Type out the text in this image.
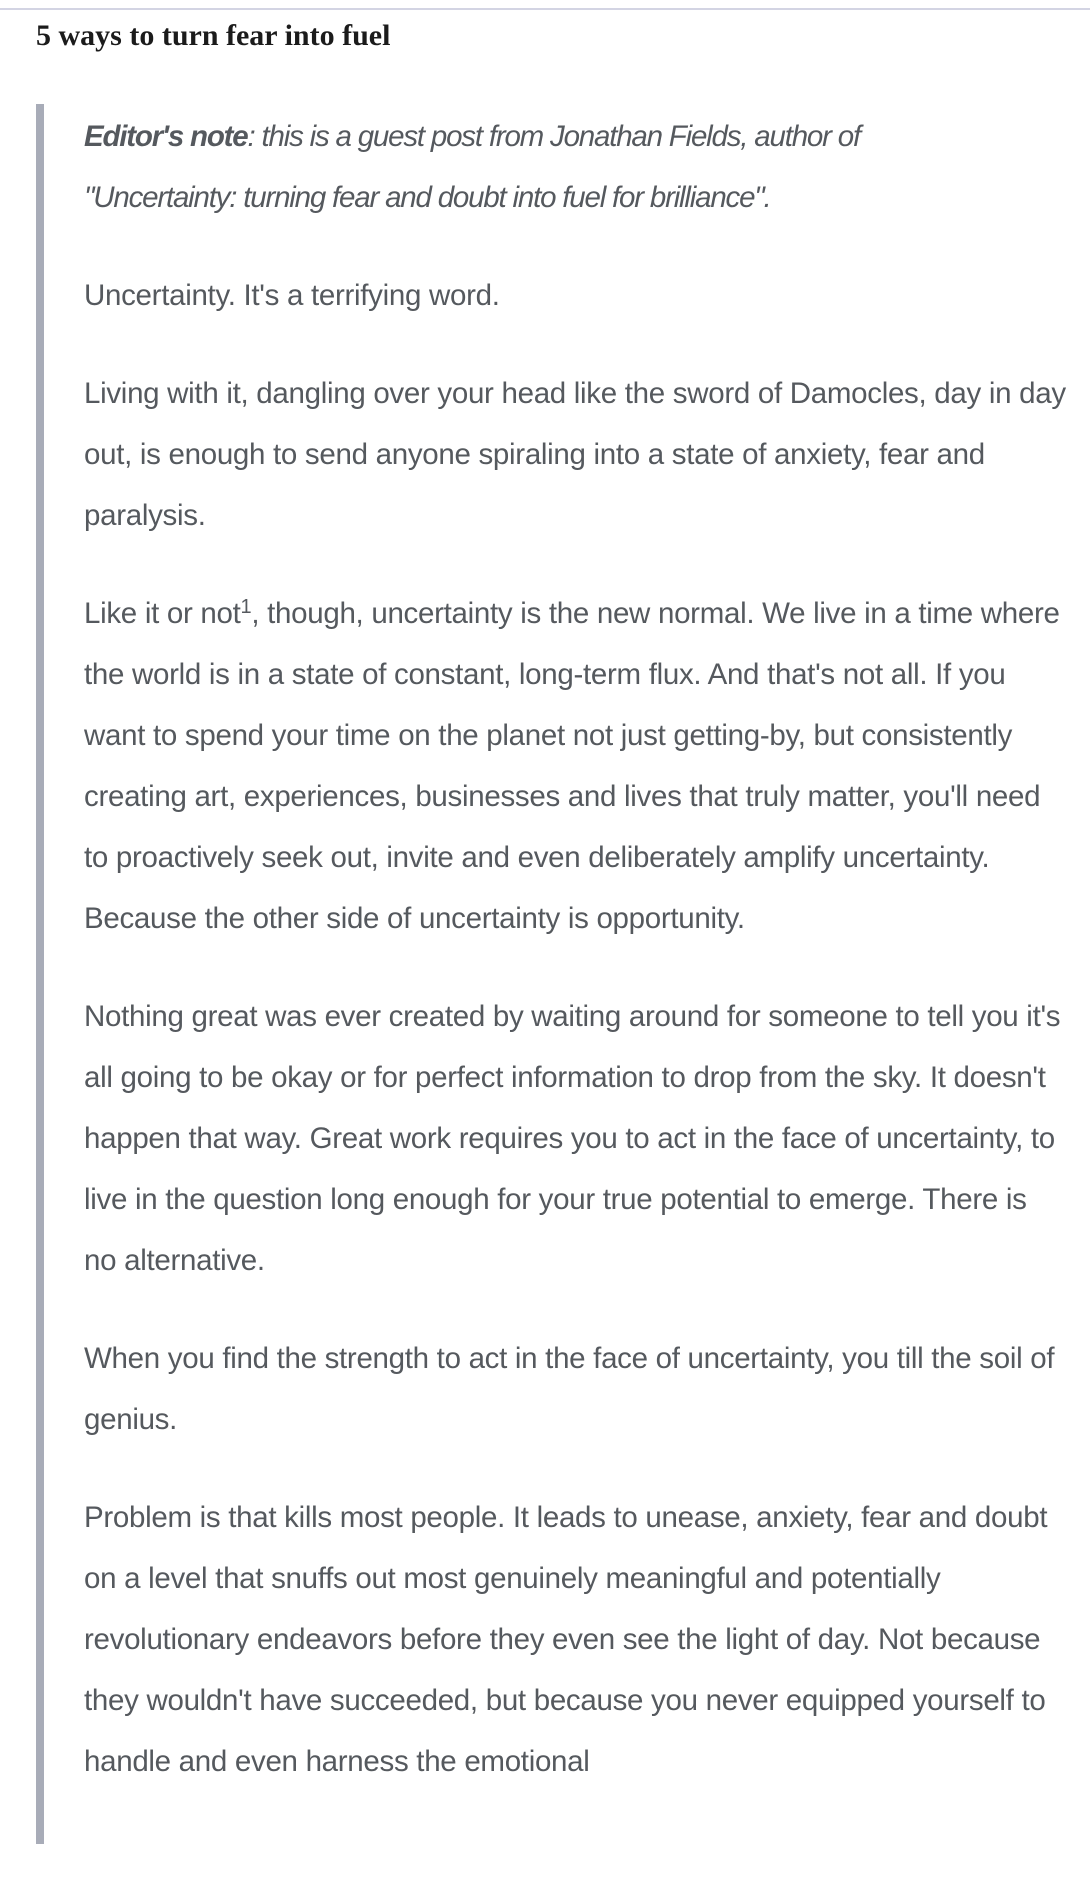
5 ways to turn fear into fuel

Editor's note: this is a guest post from Jonathan Fields, author of
"Uncertainty: turning fear and doubt into fuel for brilliance".

Uncertainty. It's a terrifying word.

Living with it, dangling over your head like the sword of Damocles, day in day out, is enough to send anyone spiraling into a state of anxiety, fear and paralysis.

Like it or not$^1$, though, uncertainty is the new normal. We live in a time where the world is in a state of constant, long-term flux. And that's not all. If you want to spend your time on the planet not just getting-by, but consistently creating art, experiences, businesses and lives that truly matter, you'll need to proactively seek out, invite and even deliberately amplify uncertainty. Because the other side of uncertainty is opportunity.

Nothing great was ever created by waiting around for someone to tell you it's all going to be okay or for perfect information to drop from the sky. It doesn't happen that way. Great work requires you to act in the face of uncertainty, to live in the question long enough for your true potential to emerge. There is no alternative.

When you find the strength to act in the face of uncertainty, you till the soil of genius.

Problem is that kills most people. It leads to unease, anxiety, fear and doubt on a level that snuffs out most genuinely meaningful and potentially revolutionary endeavors before they even see the light of day. Not because they wouldn't have succeeded, but because you never equipped yourself to handle and even harness the emotional
